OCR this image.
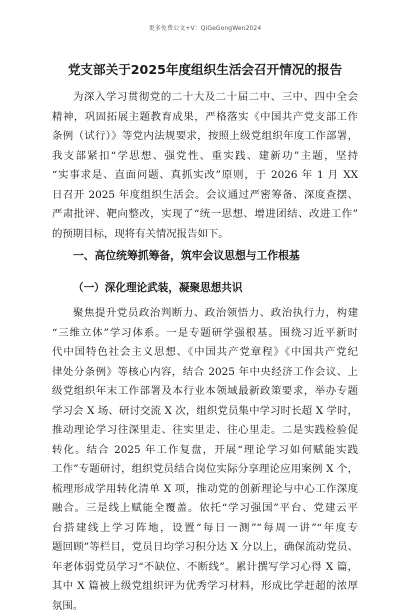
更多免费公文+V：QiGeGongWen2024
党支部关于2025年度组织生活会召开情况的报告
为深入学习贯彻党的二十大及二十届二中、三中、四中全会
精神，巩固拓展主题教育成果，严格落实《中国共产党支部工作
条例（试行）》等党内法规要求，按照上级党组织年度工作部署，
我支部紧扣“学思想、强党性、重实践、建新功”主题，坚持
“实事求是、直面问题、真抓实改”原则，于 2026 年 1 月 XX
日召开 2025 年度组织生活会。会议通过严密筹备、深度查摆、
严肃批评、靶向整改，实现了“统一思想、增进团结、改进工作”
的预期目标，现将有关情况报告如下。
一、高位统筹抓筹备，筑牢会议思想与工作根基
（一）深化理论武装，凝聚思想共识
聚焦提升党员政治判断力、政治领悟力、政治执行力，构建
“三维立体”学习体系。一是专题研学强根基。围绕习近平新时
代中国特色社会主义思想、《中国共产党章程》《中国共产党纪
律处分条例》等核心内容，结合 2025 年中央经济工作会议、上
级党组织年末工作部署及本行业本领域最新政策要求，举办专题
学习会 X 场、研讨交流 X 次，组织党员集中学习时长超 X 学时，
推动理论学习往深里走、往实里走、往心里走。二是实践检验促
转化。结合 2025 年工作复盘，开展“理论学习如何赋能实践
工作”专题研讨，组织党员结合岗位实际分享理论应用案例 X 个，
梳理形成学用转化清单 X 项，推动党的创新理论与中心工作深度
融合。三是线上赋能全覆盖。依托“学习强国”平台、党建云平
台搭建线上学习阵地，设置“每日一测”“每周一讲”“年度专
题回顾”等栏目，党员日均学习积分达 X 分以上，确保流动党员、
年老体弱党员学习“不缺位、不断线”。累计撰写学习心得 X 篇，
其中 X 篇被上级党组织评为优秀学习材料，形成比学赶超的浓厚
氛围。
